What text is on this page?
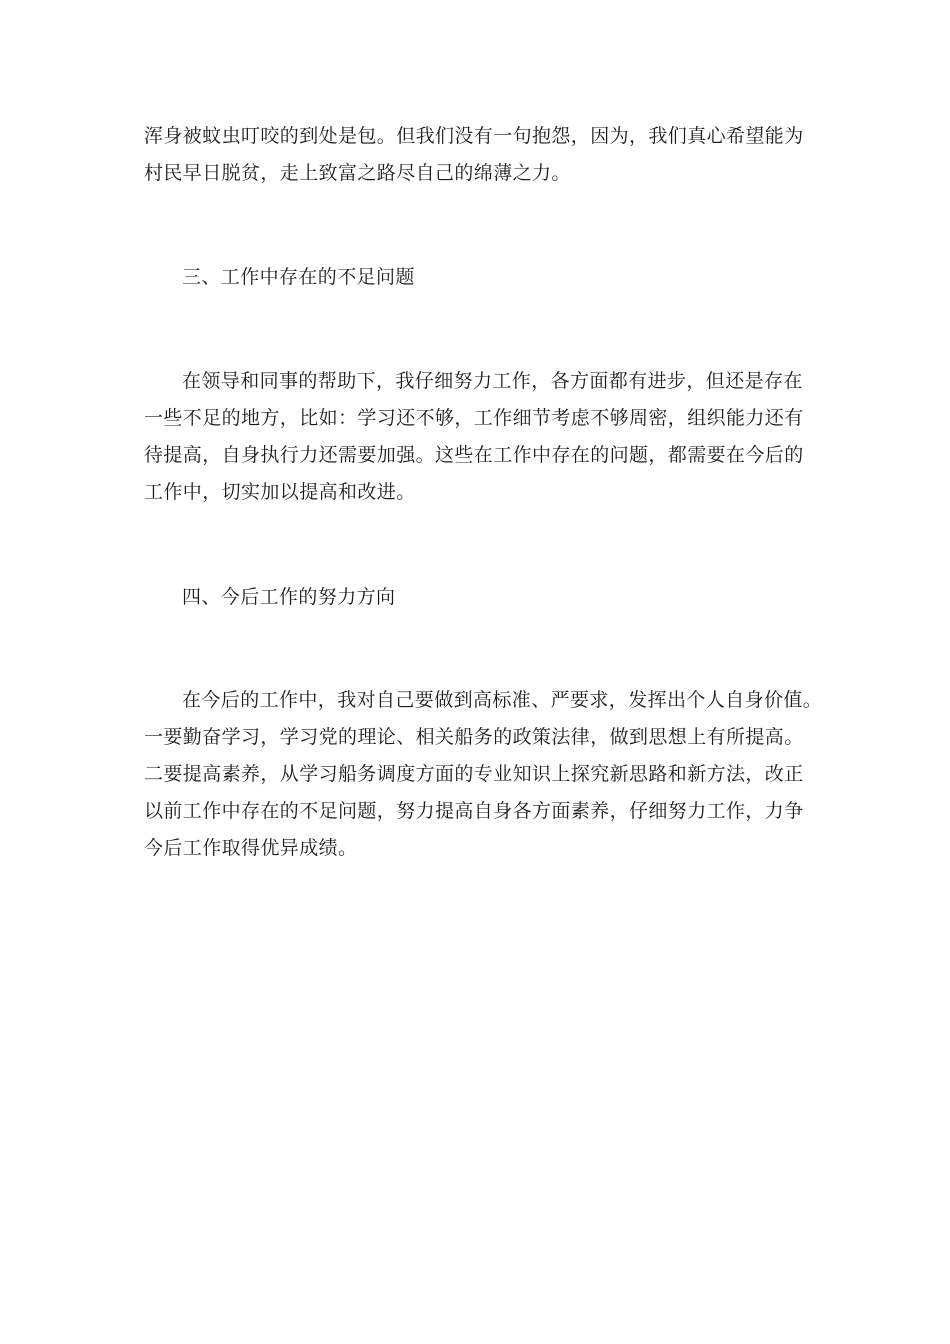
浑身被蚊虫叮咬的到处是包。但我们没有一句抱怨，因为，我们真心希望能为
村民早日脱贫，走上致富之路尽自己的绵薄之力。
三、工作中存在的不足问题
在领导和同事的帮助下，我仔细努力工作，各方面都有进步，但还是存在
一些不足的地方，比如：学习还不够，工作细节考虑不够周密，组织能力还有
待提高，自身执行力还需要加强。这些在工作中存在的问题，都需要在今后的
工作中，切实加以提高和改进。
四、今后工作的努力方向
在今后的工作中，我对自己要做到高标准、严要求，发挥出个人自身价值。
一要勤奋学习，学习党的理论、相关船务的政策法律，做到思想上有所提高。
二要提高素养，从学习船务调度方面的专业知识上探究新思路和新方法，改正
以前工作中存在的不足问题，努力提高自身各方面素养，仔细努力工作，力争
今后工作取得优异成绩。
